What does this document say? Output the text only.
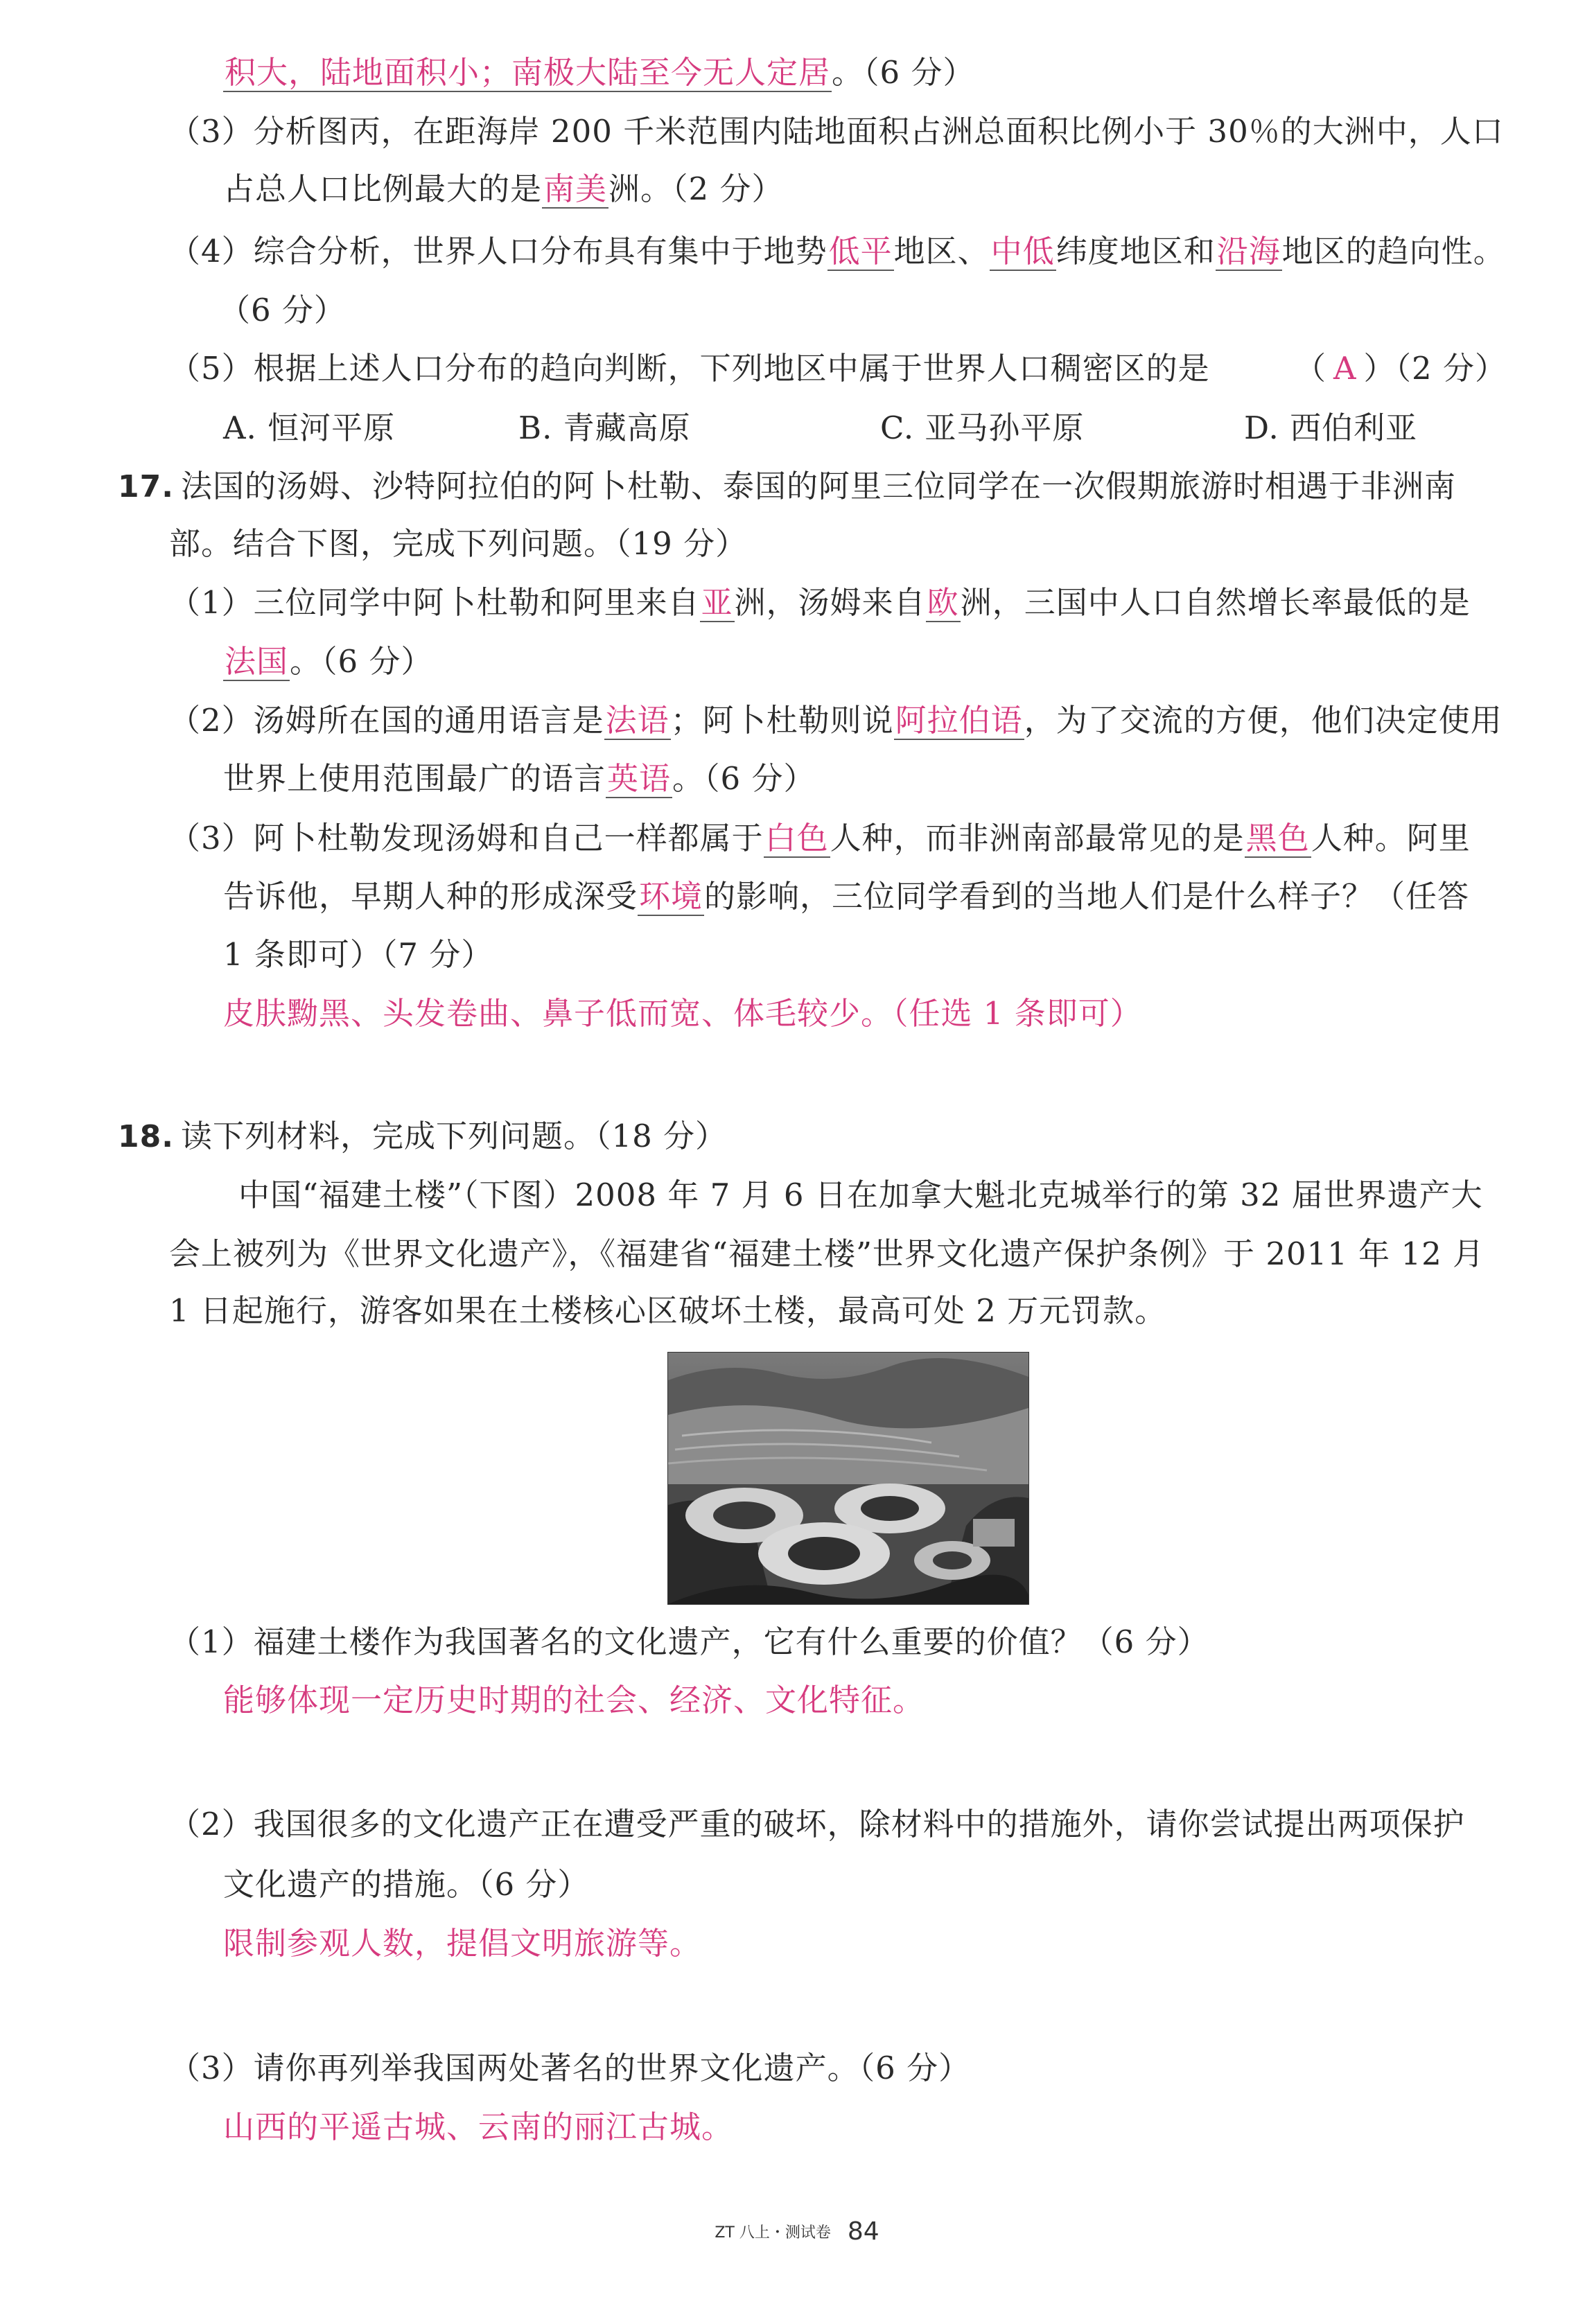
积大，陆地面积小；南极大陆至今无人定居。（6 分）
（3）分析图丙，在距海岸 200 千米范围内陆地面积占洲总面积比例小于 30％的大洲中，人口
占总人口比例最大的是南美洲。（2 分）
（4）综合分析，世界人口分布具有集中于地势低平地区、中低纬度地区和沿海地区的趋向性。
（6 分）
（5）根据上述人口分布的趋向判断，下列地区中属于世界人口稠密区的是	（ A ）（2 分）
A. 恒河平原	B. 青藏高原	C. 亚马孙平原	D. 西伯利亚
17. 法国的汤姆、沙特阿拉伯的阿卜杜勒、泰国的阿里三位同学在一次假期旅游时相遇于非洲南
部。结合下图，完成下列问题。（19 分）
（1）三位同学中阿卜杜勒和阿里来自亚洲，汤姆来自欧洲，三国中人口自然增长率最低的是
法国。（6 分）
（2）汤姆所在国的通用语言是法语；阿卜杜勒则说阿拉伯语，为了交流的方便，他们决定使用
世界上使用范围最广的语言英语。（6 分）
（3）阿卜杜勒发现汤姆和自己一样都属于白色人种，而非洲南部最常见的是黑色人种。阿里
告诉他，早期人种的形成深受环境的影响，三位同学看到的当地人们是什么样子？（任答
1 条即可）（7 分）
皮肤黝黑、头发卷曲、鼻子低而宽、体毛较少。（任选 1 条即可）
18. 读下列材料，完成下列问题。（18 分）
中国“福建土楼”（下图）2008 年 7 月 6 日在加拿大魁北克城举行的第 32 届世界遗产大
会上被列为《世界文化遗产》，《福建省“福建土楼”世界文化遗产保护条例》于 2011 年 12 月
1 日起施行，游客如果在土楼核心区破坏土楼，最高可处 2 万元罚款。
（1）福建土楼作为我国著名的文化遗产，它有什么重要的价值？（6 分）
能够体现一定历史时期的社会、经济、文化特征。
（2）我国很多的文化遗产正在遭受严重的破坏，除材料中的措施外，请你尝试提出两项保护
文化遗产的措施。（6 分）
限制参观人数，提倡文明旅游等。
（3）请你再列举我国两处著名的世界文化遗产。（6 分）
山西的平遥古城、云南的丽江古城。
ZT 八上・测试卷 84
